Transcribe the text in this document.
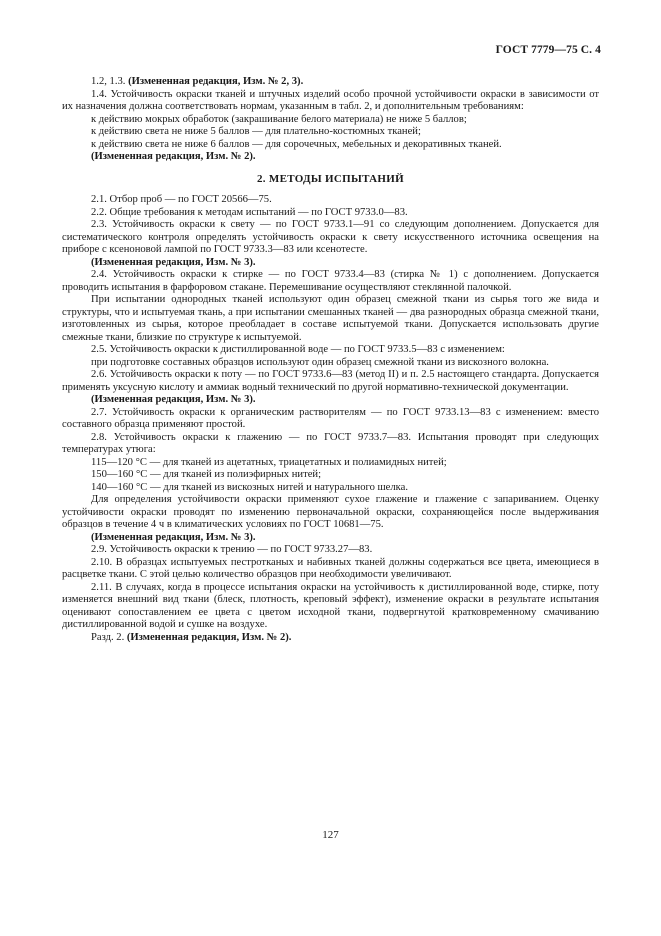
ГОСТ 7779—75 С. 4

1.2, 1.3. (Измененная редакция, Изм. № 2, 3).

1.4. Устойчивость окраски тканей и штучных изделий особо прочной устойчивости окраски в зависимости от их назначения должна соответствовать нормам, указанным в табл. 2, и дополнительным требованиям:

к действию мокрых обработок (закрашивание белого материала) не ниже 5 баллов;

к действию света не ниже 5 баллов — для плательно-костюмных тканей;

к действию света не ниже 6 баллов — для сорочечных, мебельных и декоративных тканей.

(Измененная редакция, Изм. № 2).

2. МЕТОДЫ ИСПЫТАНИЙ

2.1. Отбор проб — по ГОСТ 20566—75.

2.2. Общие требования к методам испытаний — по ГОСТ 9733.0—83.

2.3. Устойчивость окраски к свету — по ГОСТ 9733.1—91 со следующим дополнением. Допускается для систематического контроля определять устойчивость окраски к свету искусственного источника освещения на приборе с ксеноновой лампой по ГОСТ 9733.3—83 или ксенотесте.

(Измененная редакция, Изм. № 3).

2.4. Устойчивость окраски к стирке — по ГОСТ 9733.4—83 (стирка № 1) с дополнением. Допускается проводить испытания в фарфоровом стакане. Перемешивание осуществляют стеклянной палочкой.

При испытании однородных тканей используют один образец смежной ткани из сырья того же вида и структуры, что и испытуемая ткань, а при испытании смешанных тканей — два разнородных образца смежной ткани, изготовленных из сырья, которое преобладает в составе испытуемой ткани. Допускается использовать другие смежные ткани, близкие по структуре к испытуемой.

2.5. Устойчивость окраски к дистиллированной воде — по ГОСТ 9733.5—83 с изменением:

при подготовке составных образцов используют один образец смежной ткани из вискозного волокна.

2.6. Устойчивость окраски к поту — по ГОСТ 9733.6—83 (метод II) и п. 2.5 настоящего стандарта. Допускается применять уксусную кислоту и аммиак водный технический по другой нормативно-технической документации.

(Измененная редакция, Изм. № 3).

2.7. Устойчивость окраски к органическим растворителям — по ГОСТ 9733.13—83 с изменением: вместо составного образца применяют простой.

2.8. Устойчивость окраски к глажению — по ГОСТ 9733.7—83. Испытания проводят при следующих температурах утюга:

115—120 °С — для тканей из ацетатных, триацетатных и полиамидных нитей;

150—160 °С — для тканей из полиэфирных нитей;

140—160 °С — для тканей из вискозных нитей и натурального шелка.

Для определения устойчивости окраски применяют сухое глажение и глажение с запариванием. Оценку устойчивости окраски проводят по изменению первоначальной окраски, сохраняющейся после выдерживания образцов в течение 4 ч в климатических условиях по ГОСТ 10681—75.

(Измененная редакция, Изм. № 3).

2.9. Устойчивость окраски к трению — по ГОСТ 9733.27—83.

2.10. В образцах испытуемых пестротканых и набивных тканей должны содержаться все цвета, имеющиеся в расцветке ткани. С этой целью количество образцов при необходимости увеличивают.

2.11. В случаях, когда в процессе испытания окраски на устойчивость к дистиллированной воде, стирке, поту изменяется внешний вид ткани (блеск, плотность, креповый эффект), изменение окраски в результате испытания оценивают сопоставлением ее цвета с цветом исходной ткани, подвергнутой кратковременному смачиванию дистиллированной водой и сушке на воздухе.

Разд. 2. (Измененная редакция, Изм. № 2).

127
